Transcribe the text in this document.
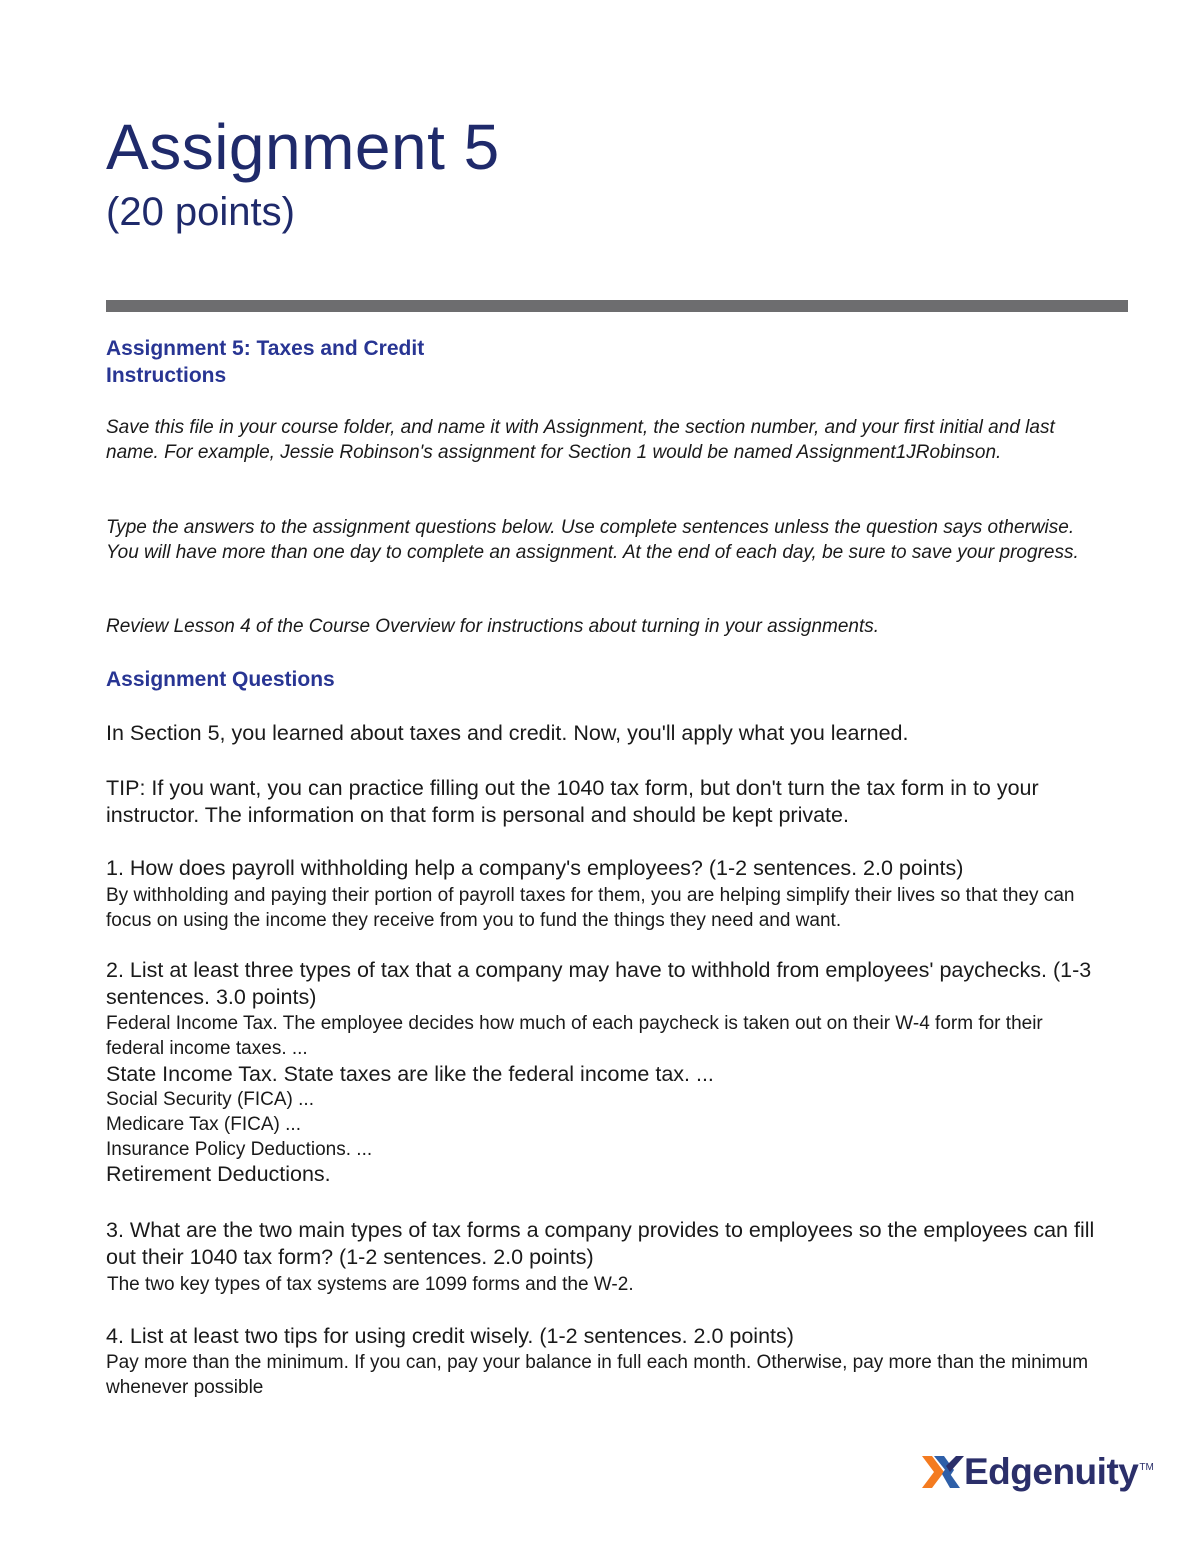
Assignment 5
(20 points)
Assignment 5: Taxes and Credit
Instructions

Save this file in your course folder, and name it with Assignment, the section number, and your first initial and last name. For example, Jessie Robinson's assignment for Section 1 would be named Assignment1JRobinson.

Type the answers to the assignment questions below. Use complete sentences unless the question says otherwise. You will have more than one day to complete an assignment. At the end of each day, be sure to save your progress.

Review Lesson 4 of the Course Overview for instructions about turning in your assignments.

Assignment Questions

In Section 5, you learned about taxes and credit. Now, you'll apply what you learned.

TIP: If you want, you can practice filling out the 1040 tax form, but don't turn the tax form in to your instructor. The information on that form is personal and should be kept private.

1. How does payroll withholding help a company's employees? (1-2 sentences. 2.0 points)

By withholding and paying their portion of payroll taxes for them, you are helping simplify their lives so that they can focus on using the income they receive from you to fund the things they need and want.

2. List at least three types of tax that a company may have to withhold from employees' paychecks. (1-3 sentences. 3.0 points)

Federal Income Tax. The employee decides how much of each paycheck is taken out on their W-4 form for their federal income taxes. ...

State Income Tax. State taxes are like the federal income tax. ...

Social Security (FICA) ...

Medicare Tax (FICA) ...

Insurance Policy Deductions. ...

Retirement Deductions.

3. What are the two main types of tax forms a company provides to employees so the employees can fill out their 1040 tax form? (1-2 sentences. 2.0 points)

The two key types of tax systems are 1099 forms and the W-2.

4. List at least two tips for using credit wisely. (1-2 sentences. 2.0 points)

Pay more than the minimum. If you can, pay your balance in full each month. Otherwise, pay more than the minimum whenever possible

Edgenuity TM
